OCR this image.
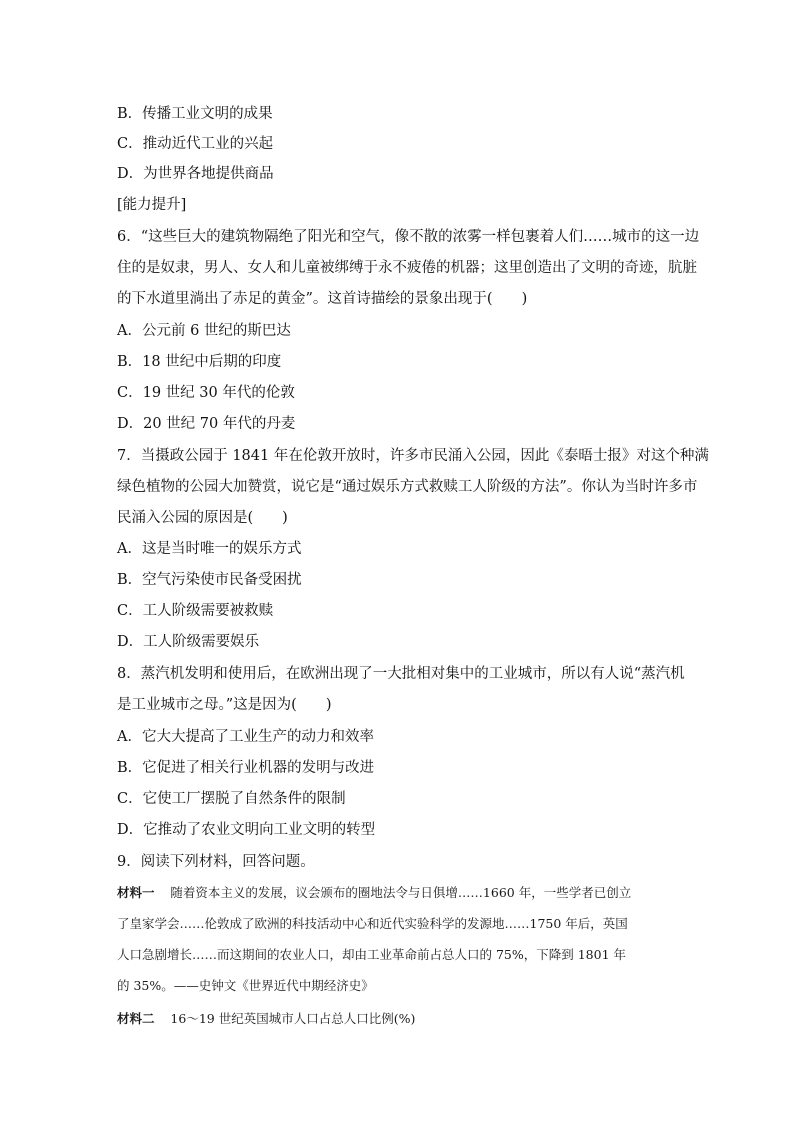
B．传播工业文明的成果
C．推动近代工业的兴起
D．为世界各地提供商品
[能力提升]
6．“这些巨大的建筑物隔绝了阳光和空气，像不散的浓雾一样包裹着人们……城市的这一边
住的是奴隶，男人、女人和儿童被绑缚于永不疲倦的机器；这里创造出了文明的奇迹，肮脏
的下水道里淌出了赤足的黄金”。这首诗描绘的景象出现于(　　)
A．公元前 6 世纪的斯巴达
B．18 世纪中后期的印度
C．19 世纪 30 年代的伦敦
D．20 世纪 70 年代的丹麦
7．当摄政公园于 1841 年在伦敦开放时，许多市民涌入公园，因此《泰晤士报》对这个种满
绿色植物的公园大加赞赏，说它是“通过娱乐方式救赎工人阶级的方法”。你认为当时许多市
民涌入公园的原因是(　　)
A．这是当时唯一的娱乐方式
B．空气污染使市民备受困扰
C．工人阶级需要被救赎
D．工人阶级需要娱乐
8．蒸汽机发明和使用后，在欧洲出现了一大批相对集中的工业城市，所以有人说“蒸汽机
是工业城市之母。”这是因为(　　)
A．它大大提高了工业生产的动力和效率
B．它促进了相关行业机器的发明与改进
C．它使工厂摆脱了自然条件的限制
D．它推动了农业文明向工业文明的转型
9．阅读下列材料，回答问题。
材料一 随着资本主义的发展，议会颁布的圈地法令与日俱增……1660 年，一些学者已创立
了皇家学会……伦敦成了欧洲的科技活动中心和近代实验科学的发源地……1750 年后，英国
人口急剧增长……而这期间的农业人口，却由工业革命前占总人口的 75%，下降到 1801 年
的 35%。——史钟文《世界近代中期经济史》
材料二 16～19 世纪英国城市人口占总人口比例(%)
